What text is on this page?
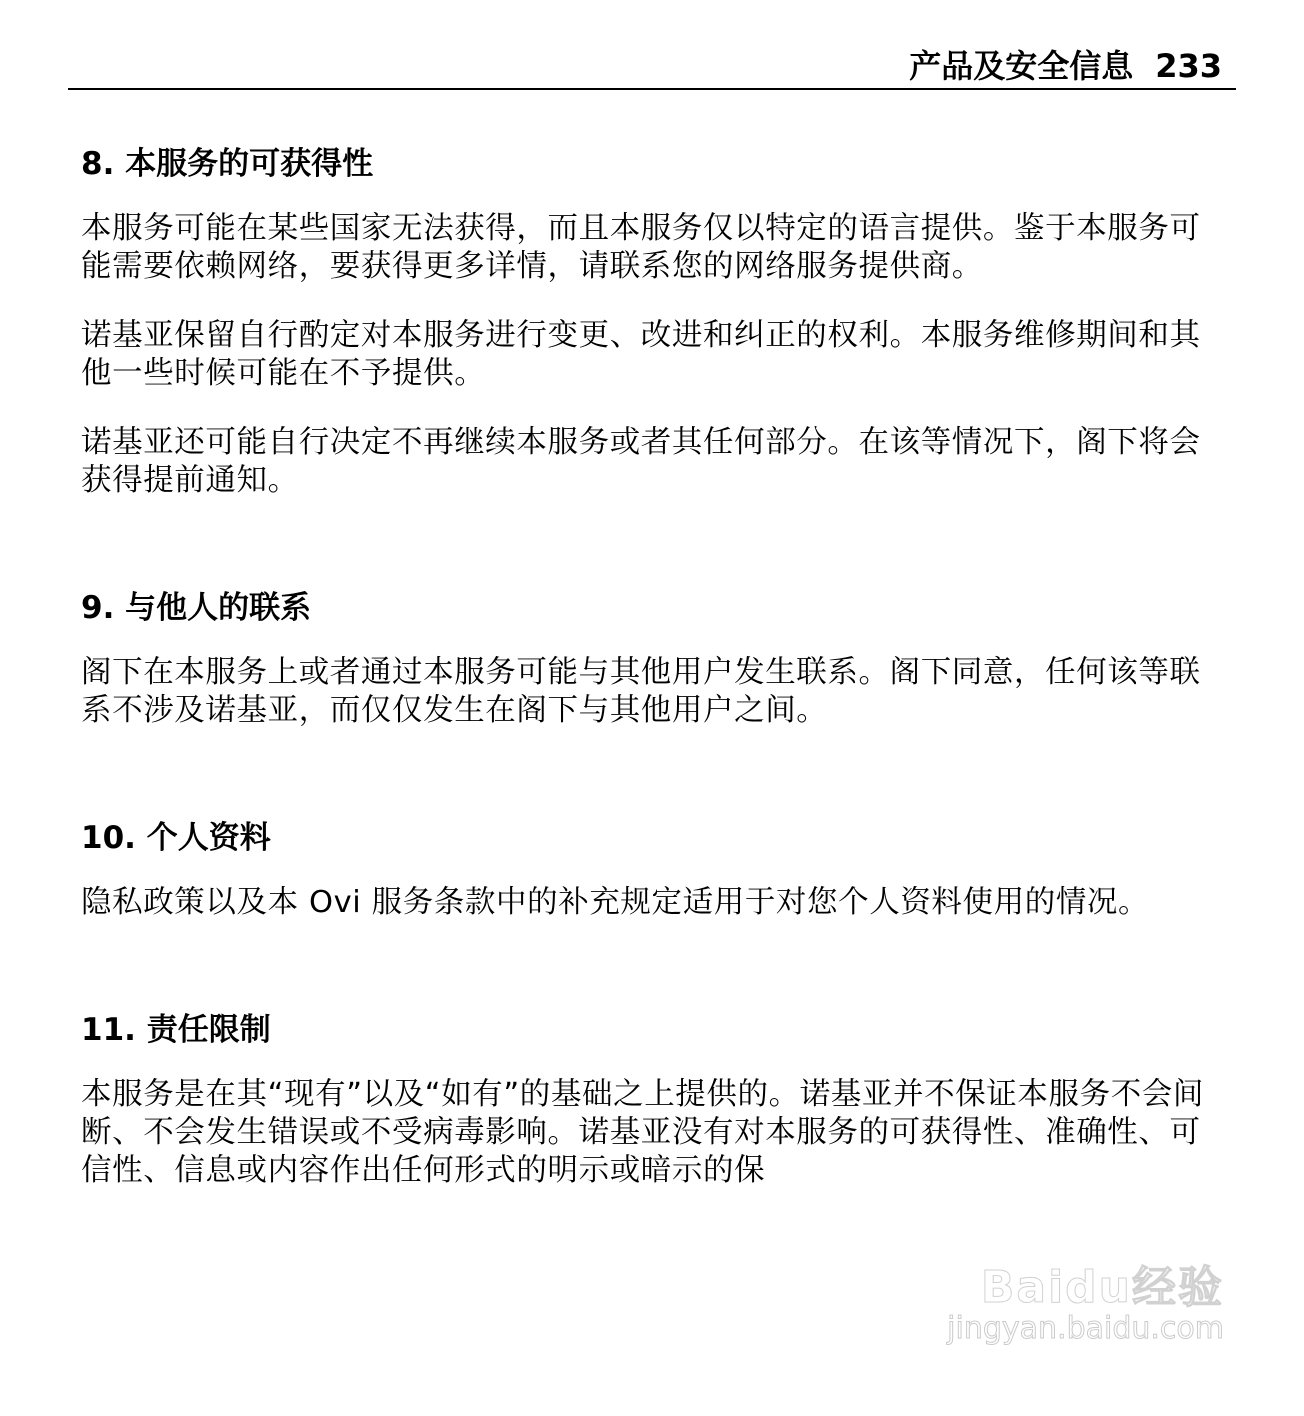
产品及安全信息 233
8. 本服务的可获得性

本服务可能在某些国家无法获得，而且本服务仅以特定的语言提供。鉴于本服务可能需要依赖网络，要获得更多详情，请联系您的网络服务提供商。

诺基亚保留自行酌定对本服务进行变更、改进和纠正的权利。本服务维修期间和其他一些时候可能在不予提供。

诺基亚还可能自行决定不再继续本服务或者其任何部分。在该等情况下，阁下将会获得提前通知。

9. 与他人的联系

阁下在本服务上或者通过本服务可能与其他用户发生联系。阁下同意，任何该等联系不涉及诺基亚，而仅仅发生在阁下与其他用户之间。

10. 个人资料

隐私政策以及本 Ovi 服务条款中的补充规定适用于对您个人资料使用的情况。

11. 责任限制

本服务是在其“现有”以及“如有”的基础之上提供的。诺基亚并不保证本服务不会间断、不会发生错误或不受病毒影响。诺基亚没有对本服务的可获得性、准确性、可信性、信息或内容作出任何形式的明示或暗示的保

Baidu经验
jingyan.baidu.com
